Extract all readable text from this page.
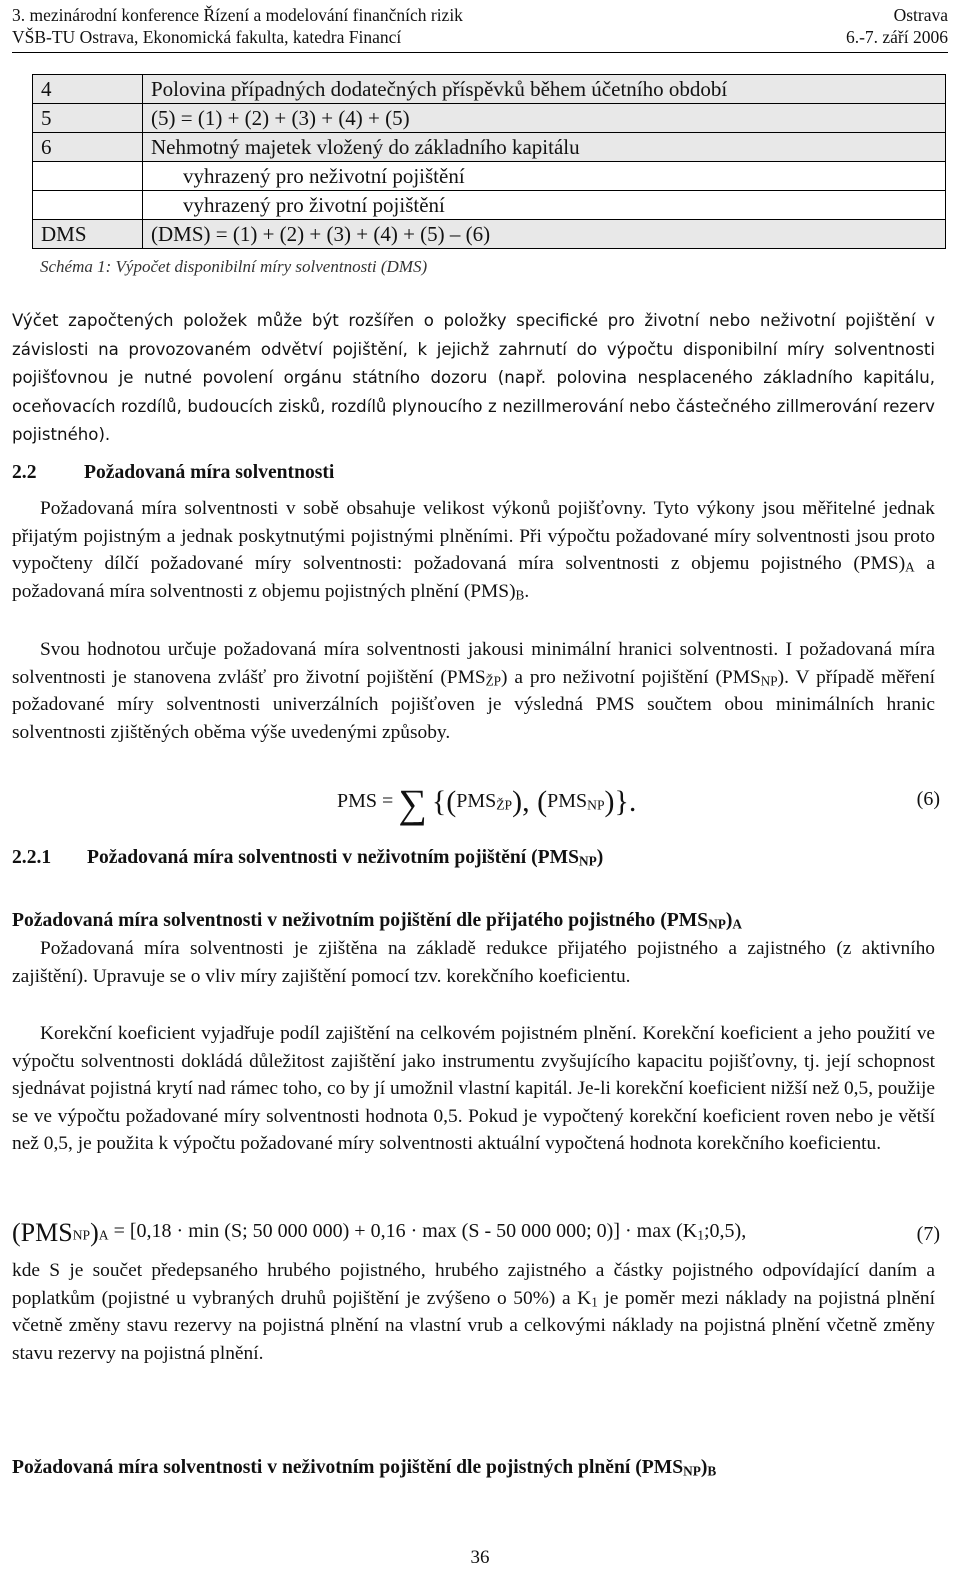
3. mezinárodní konference Řízení a modelování finančních rizik	Ostrava
VŠB-TU Ostrava, Ekonomická fakulta, katedra Financí	6.-7. září 2006
4	Polovina případných dodatečných příspěvků během účetního období
5	(5) = (1) + (2) + (3) + (4) + (5)
6	Nehmotný majetek vložený do základního kapitálu
	vyhrazený pro neživotní pojištění
	vyhrazený pro životní pojištění
DMS	(DMS) = (1) + (2) + (3) + (4) + (5) – (6)
Schéma 1: Výpočet disponibilní míry solventnosti (DMS)

Výčet započtených položek může být rozšířen o položky specifické pro životní nebo neživotní pojištění v závislosti na provozovaném odvětví pojištění, k jejichž zahrnutí do výpočtu disponibilní míry solventnosti pojišťovnou je nutné povolení orgánu státního dozoru (např. polovina nesplaceného základního kapitálu, oceňovacích rozdílů, budoucích zisků, rozdílů plynoucího z nezillmerování nebo částečného zillmerování rezerv pojistného).

2.2 Požadovaná míra solventnosti

Požadovaná míra solventnosti v sobě obsahuje velikost výkonů pojišťovny. Tyto výkony jsou měřitelné jednak přijatým pojistným a jednak poskytnutými pojistnými plněními. Při výpočtu požadované míry solventnosti jsou proto vypočteny dílčí požadované míry solventnosti: požadovaná míra solventnosti z objemu pojistného $(PMS)_A$ a požadovaná míra solventnosti z objemu pojistných plnění $(PMS)_B$.

Svou hodnotou určuje požadovaná míra solventnosti jakousi minimální hranici solventnosti. I požadovaná míra solventnosti je stanovena zvlášť pro životní pojištění $(PMS_{ŽP})$ a pro neživotní pojištění $(PMS_{NP})$. V případě měření požadované míry solventnosti univerzálních pojišťoven je výsledná PMS součtem obou minimálních hranic solventnosti zjištěných oběma výše uvedenými způsoby.

PMS = ∑ {$(PMS_{ŽP})$, $(PMS_{NP})$}.	(6)
2.2.1 Požadovaná míra solventnosti v neživotním pojištění $(PMS_{NP})$
Požadovaná míra solventnosti v neživotním pojištění dle přijatého pojistného $(PMS_{NP})_A$

Požadovaná míra solventnosti je zjištěna na základě redukce přijatého pojistného a zajistného (z aktivního zajištění). Upravuje se o vliv míry zajištění pomocí tzv. korekčního koeficientu.

Korekční koeficient vyjadřuje podíl zajištění na celkovém pojistném plnění. Korekční koeficient a jeho použití ve výpočtu solventnosti dokládá důležitost zajištění jako instrumentu zvyšujícího kapacitu pojišťovny, tj. její schopnost sjednávat pojistná krytí nad rámec toho, co by jí umožnil vlastní kapitál. Je-li korekční koeficient nižší než 0,5, použije se ve výpočtu požadované míry solventnosti hodnota 0,5. Pokud je vypočtený korekční koeficient roven nebo je větší než 0,5, je použita k výpočtu požadované míry solventnosti aktuální vypočtená hodnota korekčního koeficientu.

$(PMS_{NP})_A = [0,18 \cdot \min (S$; 50 000 000) + 0,16 · max (S - 50 000 000; $0)] \cdot \max (K_1;0,5)$,	(7)

kde S je součet předepsaného hrubého pojistného, hrubého zajistného a částky pojistného odpovídající daním a poplatkům (pojistné u vybraných druhů pojištění je zvýšeno o 50%) a $K_1$ je poměr mezi náklady na pojistná plnění včetně změny stavu rezervy na pojistná plnění na vlastní vrub a celkovými náklady na pojistná plnění včetně změny stavu rezervy na pojistná plnění.

Požadovaná míra solventnosti v neživotním pojištění dle pojistných plnění $(PMS_{NP})_B$
36
